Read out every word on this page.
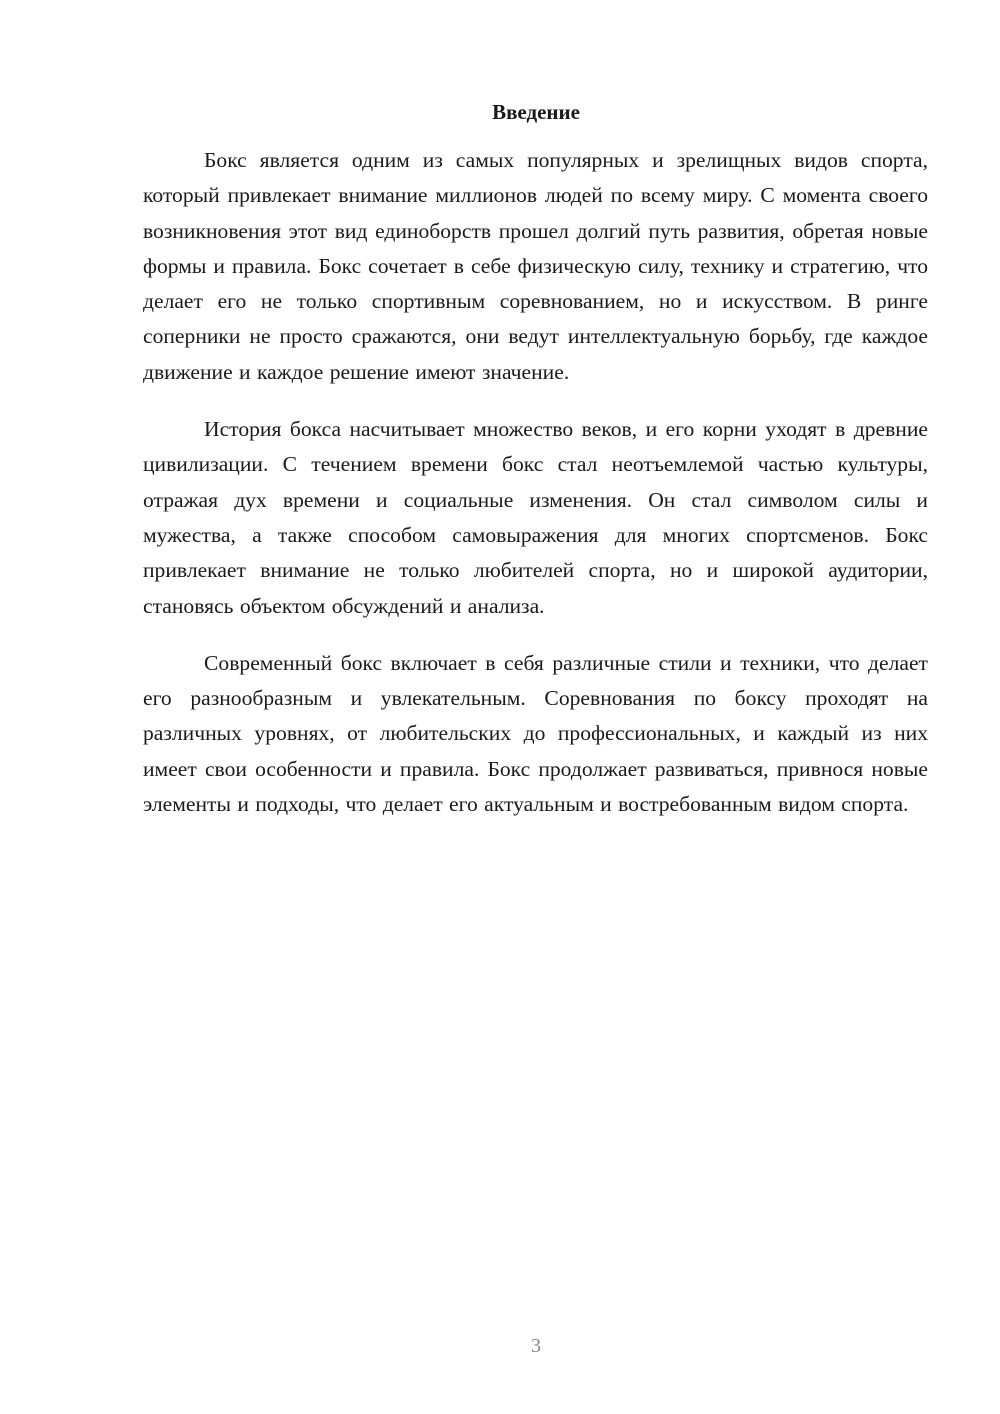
Введение

Бокс является одним из самых популярных и зрелищных видов спорта, который привлекает внимание миллионов людей по всему миру. С момента своего возникновения этот вид единоборств прошел долгий путь развития, обретая новые формы и правила. Бокс сочетает в себе физическую силу, технику и стратегию, что делает его не только спортивным соревнованием, но и искусством. В ринге соперники не просто сражаются, они ведут интеллектуальную борьбу, где каждое движение и каждое решение имеют значение.

История бокса насчитывает множество веков, и его корни уходят в древние цивилизации. С течением времени бокс стал неотъемлемой частью культуры, отражая дух времени и социальные изменения. Он стал символом силы и мужества, а также способом самовыражения для многих спортсменов. Бокс привлекает внимание не только любителей спорта, но и широкой аудитории, становясь объектом обсуждений и анализа.

Современный бокс включает в себя различные стили и техники, что делает его разнообразным и увлекательным. Соревнования по боксу проходят на различных уровнях, от любительских до профессиональных, и каждый из них имеет свои особенности и правила. Бокс продолжает развиваться, привнося новые элементы и подходы, что делает его актуальным и востребованным видом спорта.

3
